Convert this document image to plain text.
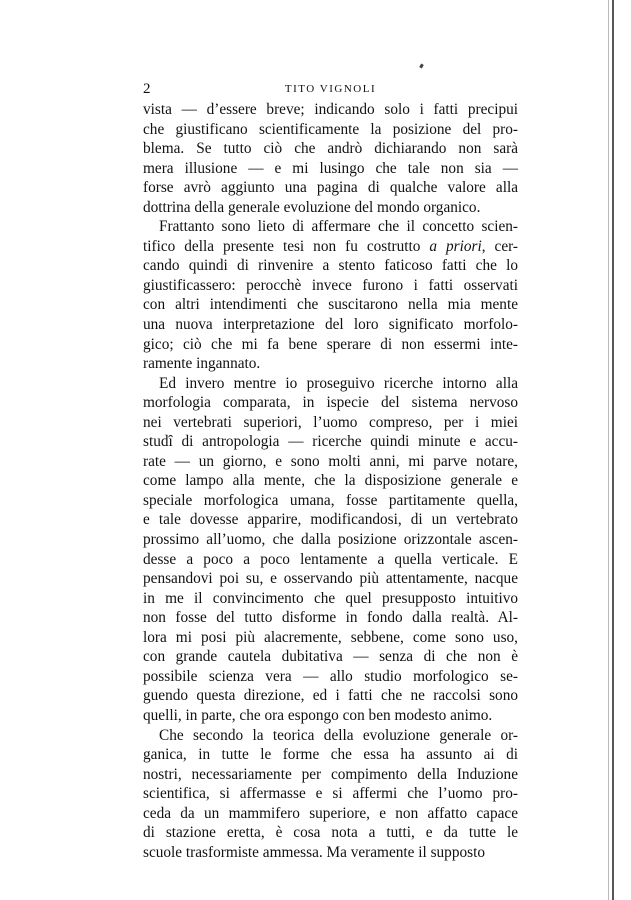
2	TITO VIGNOLI
vista — d’essere breve; indicando solo i fatti precipui
che giustificano scientificamente la posizione del pro-
blema. Se tutto ciò che andrò dichiarando non sarà
mera illusione — e mi lusingo che tale non sia —
forse avrò aggiunto una pagina di qualche valore alla
dottrina della generale evoluzione del mondo organico.
Frattanto sono lieto di affermare che il concetto scien-
tifico della presente tesi non fu costrutto a priori, cer-
cando quindi di rinvenire a stento faticoso fatti che lo
giustificassero: perocchè invece furono i fatti osservati
con altri intendimenti che suscitarono nella mia mente
una nuova interpretazione del loro significato morfolo-
gico; ciò che mi fa bene sperare di non essermi inte-
ramente ingannato.
Ed invero mentre io proseguivo ricerche intorno alla
morfologia comparata, in ispecie del sistema nervoso
nei vertebrati superiori, l’uomo compreso, per i miei
studî di antropologia — ricerche quindi minute e accu-
rate — un giorno, e sono molti anni, mi parve notare,
come lampo alla mente, che la disposizione generale e
speciale morfologica umana, fosse partitamente quella,
e tale dovesse apparire, modificandosi, di un vertebrato
prossimo all’uomo, che dalla posizione orizzontale ascen-
desse a poco a poco lentamente a quella verticale. E
pensandovi poi su, e osservando più attentamente, nacque
in me il convincimento che quel presupposto intuitivo
non fosse del tutto disforme in fondo dalla realtà. Al-
lora mi posi più alacremente, sebbene, come sono uso,
con grande cautela dubitativa — senza di che non è
possibile scienza vera — allo studio morfologico se-
guendo questa direzione, ed i fatti che ne raccolsi sono
quelli, in parte, che ora espongo con ben modesto animo.
Che secondo la teorica della evoluzione generale or-
ganica, in tutte le forme che essa ha assunto ai di
nostri, necessariamente per compimento della Induzione
scientifica, si affermasse e si affermi che l’uomo pro-
ceda da un mammifero superiore, e non affatto capace
di stazione eretta, è cosa nota a tutti, e da tutte le
scuole trasformiste ammessa. Ma veramente il supposto
